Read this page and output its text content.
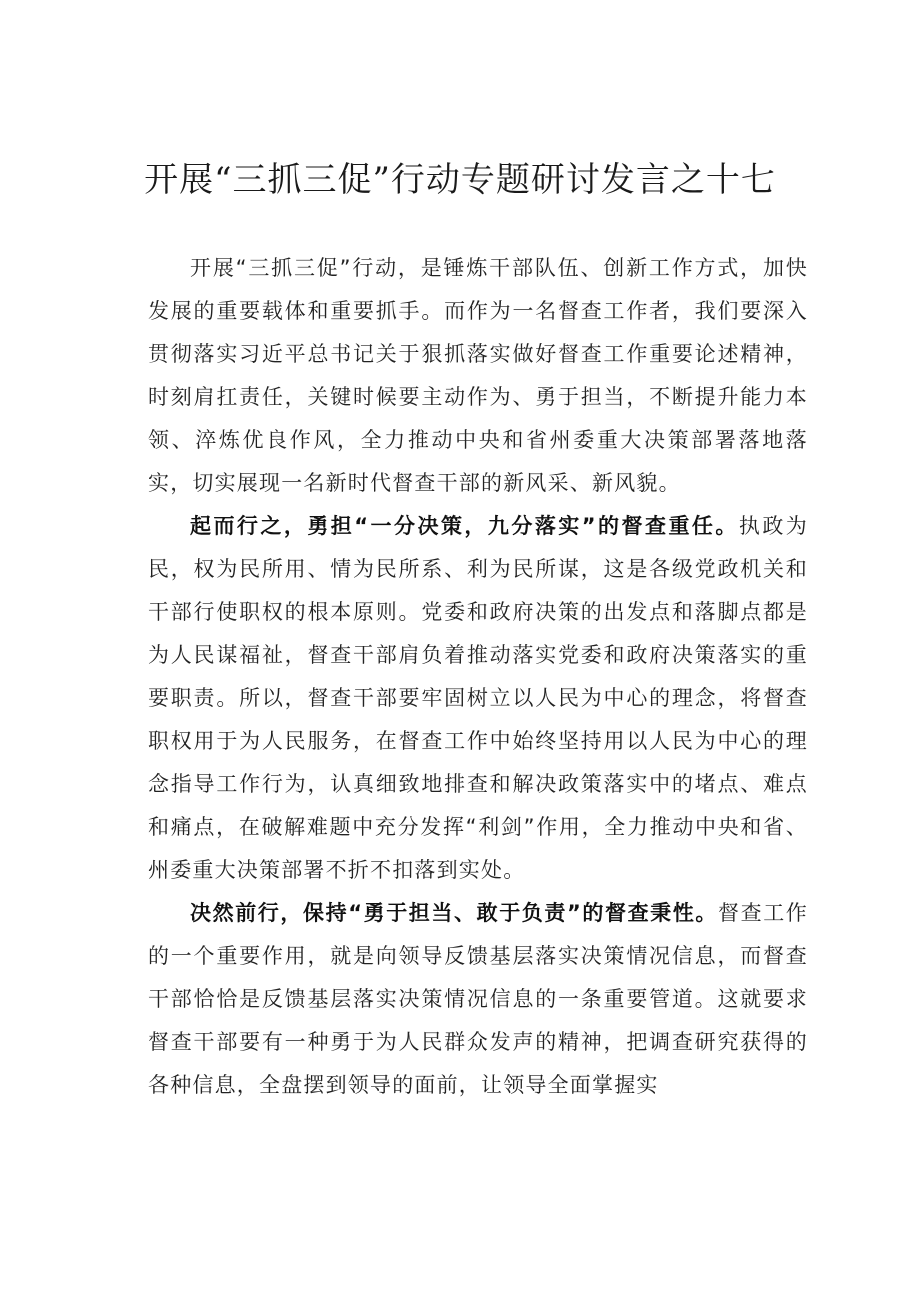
开展“三抓三促”行动专题研讨发言之十七

开展“三抓三促”行动，是锤炼干部队伍、创新工作方式，加快发展的重要载体和重要抓手。而作为一名督查工作者，我们要深入贯彻落实习近平总书记关于狠抓落实做好督查工作重要论述精神，时刻肩扛责任，关键时候要主动作为、勇于担当，不断提升能力本领、淬炼优良作风，全力推动中央和省州委重大决策部署落地落实，切实展现一名新时代督查干部的新风采、新风貌。

起而行之，勇担“一分决策，九分落实”的督查重任。执政为民，权为民所用、情为民所系、利为民所谋，这是各级党政机关和干部行使职权的根本原则。党委和政府决策的出发点和落脚点都是为人民谋福祉，督查干部肩负着推动落实党委和政府决策落实的重要职责。所以，督查干部要牢固树立以人民为中心的理念，将督查职权用于为人民服务，在督查工作中始终坚持用以人民为中心的理念指导工作行为，认真细致地排查和解决政策落实中的堵点、难点和痛点，在破解难题中充分发挥“利剑”作用，全力推动中央和省、州委重大决策部署不折不扣落到实处。

决然前行，保持“勇于担当、敢于负责”的督查秉性。督查工作的一个重要作用，就是向领导反馈基层落实决策情况信息，而督查干部恰恰是反馈基层落实决策情况信息的一条重要管道。这就要求督查干部要有一种勇于为人民群众发声的精神，把调查研究获得的各种信息，全盘摆到领导的面前，让领导全面掌握实
